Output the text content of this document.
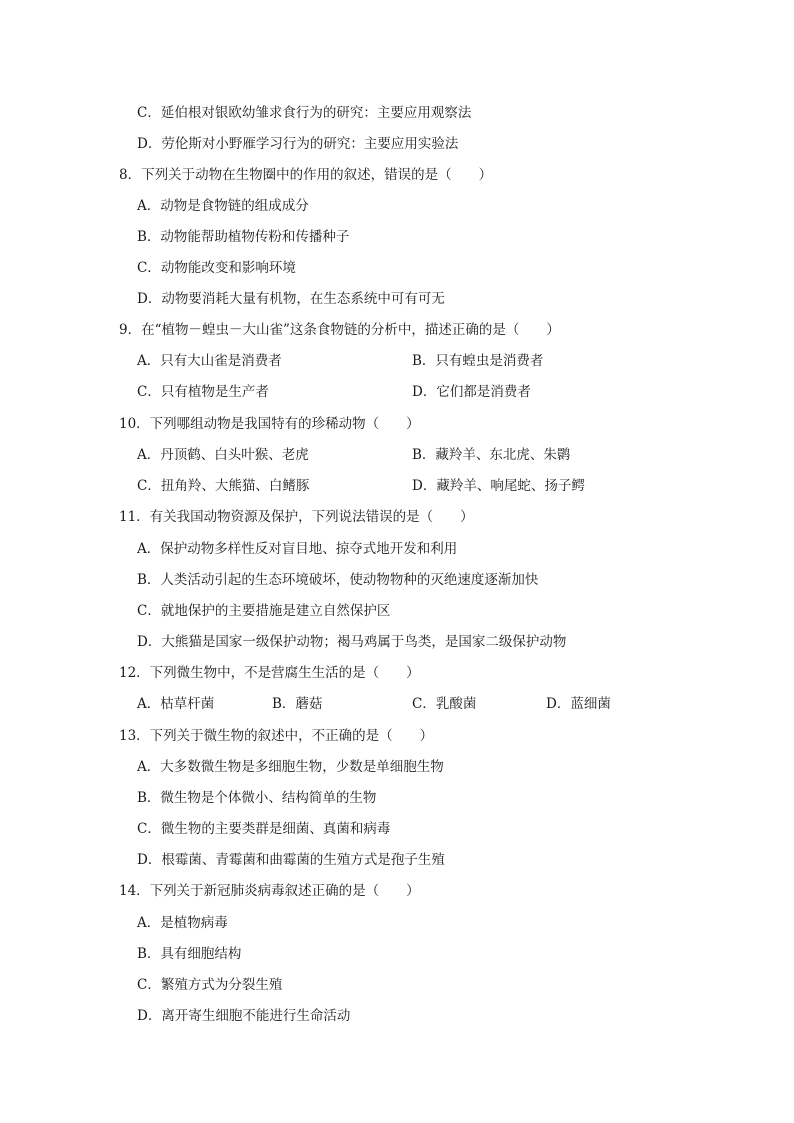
C．延伯根对银欧幼雏求食行为的研究：主要应用观察法
D．劳伦斯对小野雁学习行为的研究：主要应用实验法
8．下列关于动物在生物圈中的作用的叙述，错误的是（　　）
A．动物是食物链的组成成分
B．动物能帮助植物传粉和传播种子
C．动物能改变和影响环境
D．动物要消耗大量有机物，在生态系统中可有可无
9．在“植物－蝗虫－大山雀”这条食物链的分析中，描述正确的是（　　）
A．只有大山雀是消费者	B．只有蝗虫是消费者
C．只有植物是生产者	D．它们都是消费者
10．下列哪组动物是我国特有的珍稀动物（　　）
A．丹顶鹤、白头叶猴、老虎	B．藏羚羊、东北虎、朱鹮
C．扭角羚、大熊猫、白鳍豚	D．藏羚羊、响尾蛇、扬子鳄
11．有关我国动物资源及保护，下列说法错误的是（　　）
A．保护动物多样性反对盲目地、掠夺式地开发和利用
B．人类活动引起的生态环境破坏，使动物物种的灭绝速度逐渐加快
C．就地保护的主要措施是建立自然保护区
D．大熊猫是国家一级保护动物；褐马鸡属于鸟类，是国家二级保护动物
12．下列微生物中，不是营腐生生活的是（　　）
A．枯草杆菌	B．蘑菇	C．乳酸菌	D．蓝细菌
13．下列关于微生物的叙述中，不正确的是（　　）
A．大多数微生物是多细胞生物，少数是单细胞生物
B．微生物是个体微小、结构简单的生物
C．微生物的主要类群是细菌、真菌和病毒
D．根霉菌、青霉菌和曲霉菌的生殖方式是孢子生殖
14．下列关于新冠肺炎病毒叙述正确的是（　　）
A．是植物病毒
B．具有细胞结构
C．繁殖方式为分裂生殖
D．离开寄生细胞不能进行生命活动
